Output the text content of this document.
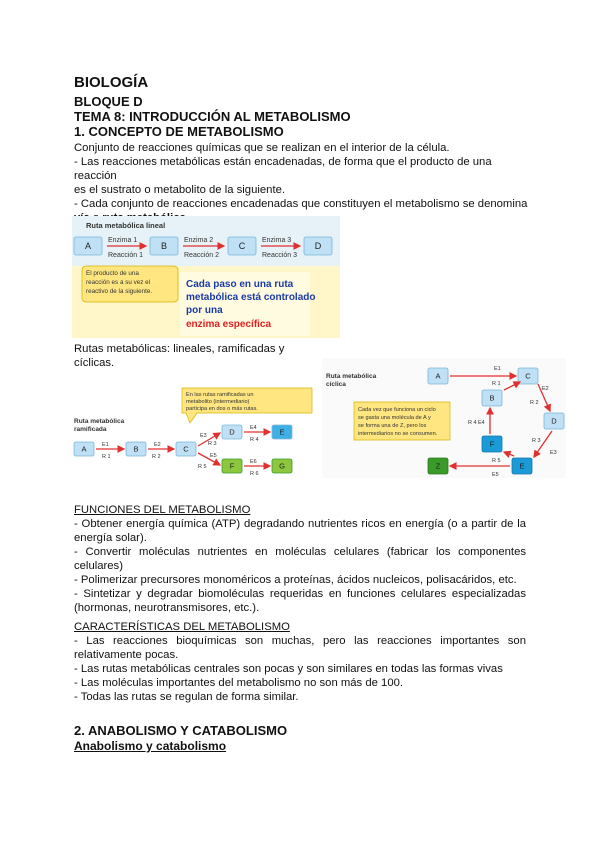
BIOLOGÍA
BLOQUE D
TEMA 8: INTRODUCCIÓN AL METABOLISMO
1. CONCEPTO DE METABOLISMO
Conjunto de reacciones químicas que se realizan en el interior de la célula.
- Las reacciones metabólicas están encadenadas, de forma que el producto de una reacción
es el sustrato o metabolito de la siguiente.
- Cada conjunto de reacciones encadenadas que constituyen el metabolismo se denomina
Ruta metabólica lineal
A	B	C	D
Enzima 1
Reacción 1
Enzima 2
Reacción 2
Enzima 3
Reacción 3
El producto de una
reacción es a su vez el
reactivo de la siguiente.
Cada paso en una ruta
metabólica está controlado
por una
enzima específica
Rutas metabólicas: lineales, ramificadas y
cíclicas.
Ruta metabólica
ramificada
En las rutas ramificadas un
metabolito (intermediario)
participa en dos o más rutas.
A	B	C
D	E
F	G
E1
R 1
E2
R 2
E3
R 3
E4
R 4
E5
R 5
E6
R 6
Ruta metabólica
cíclica
Cada vez que funciona un ciclo
se gasta una molécula de A y
se forma una de Z, pero los
intermediarios no se consumen.
A
B
C
D
E
F
Z
E1
R 1
E2
R 2
E3
R 3
E5
R 5
E4
R 4
FUNCIONES DEL METABOLISMO
- Obtener energía química (ATP) degradando nutrientes ricos en energía (o a partir de la
energía solar).
- Convertir moléculas nutrientes en moléculas celulares (fabricar los componentes celulares)
- Polimerizar precursores monoméricos a proteínas, ácidos nucleicos, polisacáridos, etc.
- Sintetizar y degradar biomoléculas requeridas en funciones celulares especializadas
(hormonas, neurotransmisores, etc.).
CARACTERÍSTICAS DEL METABOLISMO
- Las reacciones bioquímicas son muchas, pero las reacciones importantes son
relativamente pocas.
- Las rutas metabólicas centrales son pocas y son similares en todas las formas vivas
- Las moléculas importantes del metabolismo no son más de 100.
- Todas las rutas se regulan de forma similar.
2. ANABOLISMO Y CATABOLISMO
Anabolismo y catabolismo
